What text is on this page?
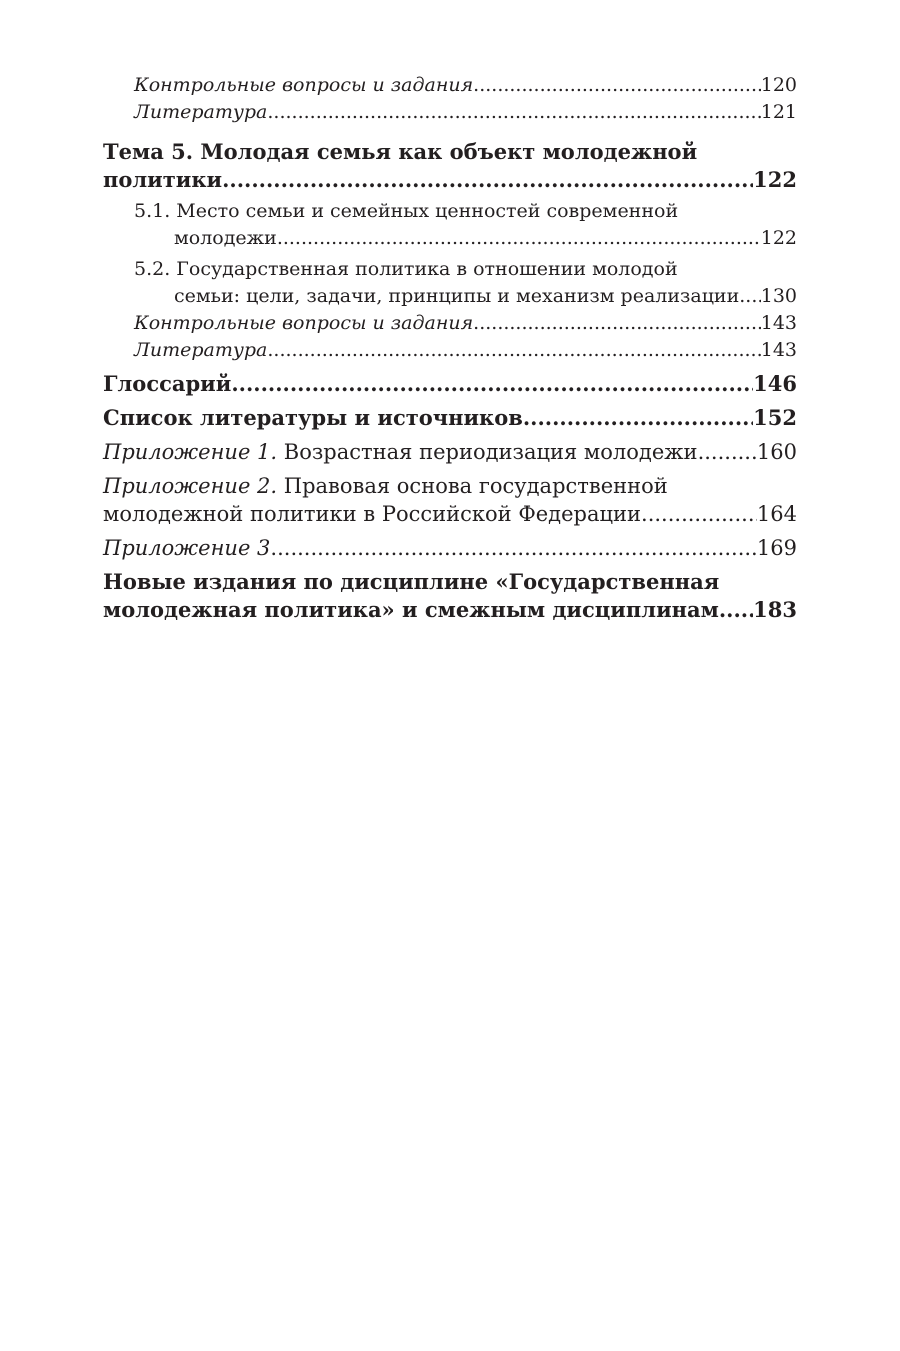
Контрольные вопросы и задания .....	120

Литература .....	121

Тема 5. Молодая семья как объект молодежной

политики .....	122

5.1. Место семьи и семейных ценностей современной

молодежи .....	122

5.2. Государственная политика в отношении молодой

семьи: цели, задачи, принципы и механизм реализации ..... 130

Контрольные вопросы и задания .....	143

Литература .....	143

Глоссарий .....	146

Список литературы и источников .....	152

Приложение 1. Возрастная периодизация молодежи .....	160

Приложение 2. Правовая основа государственной

молодежной политики в Российской Федерации .....	164

Приложение 3 .....	169

Новые издания по дисциплине «Государственная

молодежная политика» и смежным дисциплинам ..... 183
